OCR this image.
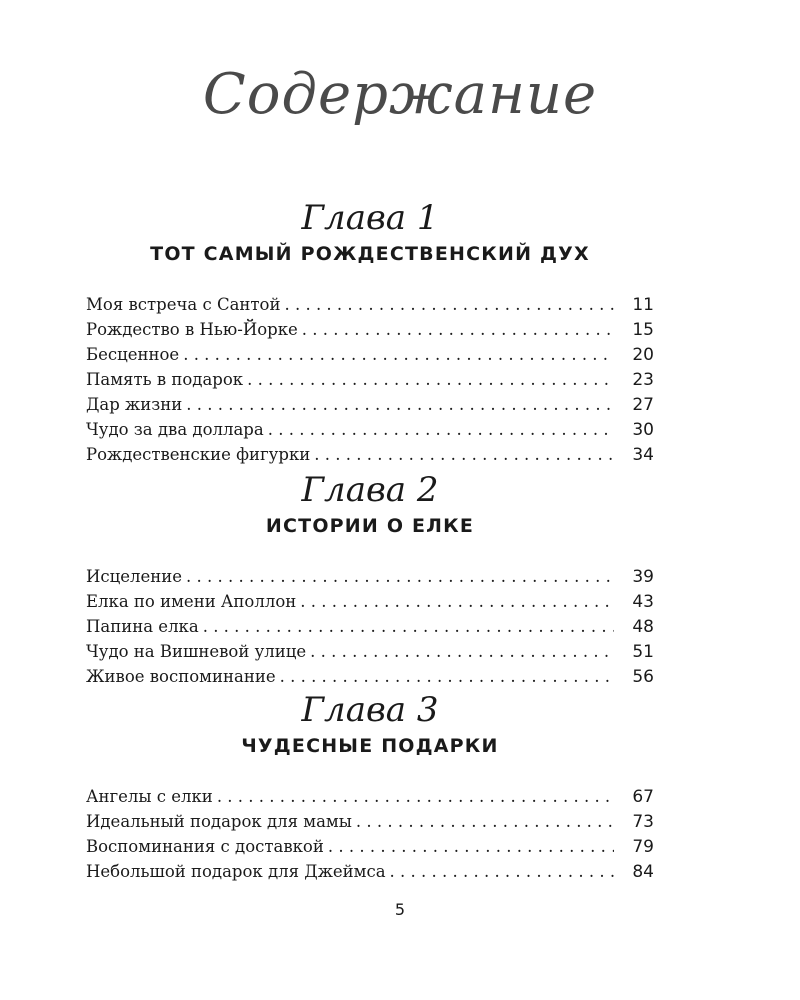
Содержание
Глава 1
ТОТ САМЫЙ РОЖДЕСТВЕНСКИЙ ДУХ
Моя встреча с Сантой . . .	11
Рождество в Нью-Йорке . . .	15
Бесценное . . .	20
Память в подарок . . .	23
Дар жизни . . .	27
Чудо за два доллара . . .	30
Рождественские фигурки . . .	34
Глава 2
ИСТОРИИ О ЕЛКЕ
Исцеление . . .	39
Елка по имени Аполлон . . .	43
Папина елка . . .	48
Чудо на Вишневой улице . . .	51
Живое воспоминание . . .	56
Глава 3
ЧУДЕСНЫЕ ПОДАРКИ
Ангелы с елки . . .	67
Идеальный подарок для мамы . . .	73
Воспоминания с доставкой . . .	79
Небольшой подарок для Джеймса . . .	84
5
